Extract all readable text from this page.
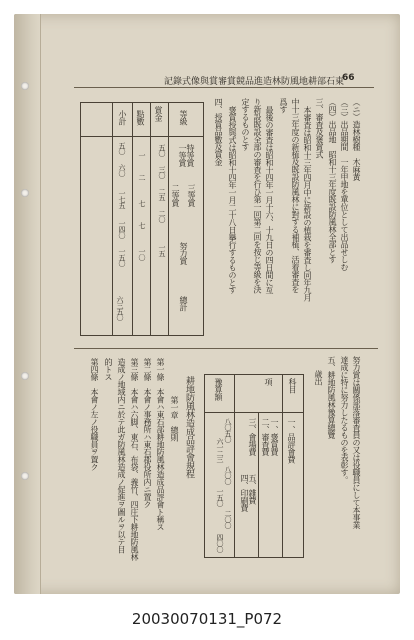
記錄式像與賞審賞競品進造林防風地耕部石東
66
（ニ）造林樹種　木麻黃
（三）出品期間　一年甲地を單位として出品せしむ
（四）出品地　昭和十三年度既設防風林全部とす
三、審査及褒賞式
本審査は昭和十三年四月中に新設の植栽を審査し同年九月
中十三年度の新植及既設防風林に對する補植、活着審査を
爲す
最後の審査は昭和十四年一月十六、十九日の四日間に亙
り新設既設全部の審査を行ひ第一回第二回を按じ等級を決
定するものとす
褒賞授與式は昭和十四年一月二十八日擧行するものとす
四、授賞品數及賞金
等級
賞金
點數
小計
特等賞
一等賞
二等賞 三等賞
努力賞
總計
五〇
三〇
二五
二〇
一五
一
二
七
七
一〇
五〇
六〇
一七五
一四〇
一五〇
六三五〇
努力賞は關係部落審査員の又は役職員にして本事業
達成に特に努力したるものを表彰す。
五、耕地防風林豫算總覽
歳出
科目
項
豫算額
一、品評會費
一、褒賞費
二、審査費
三、會場費
四、印刷費 五、雜費
八〇五〇
六一二三
八〇〇
一五〇
二〇〇
四〇〇
耕地防風林造成品評會規程
第一章　總則
第一條　本會ハ東石部耕地防風林造成品評會ト稱ス
第二條　本會ノ事務所ハ東石郡役所内ニ置ク
第三條　本會ハ六脚、東石、布袋、義竹、四庄下耕地防風林
造成ノ地域内ニ於テ此ガ防風林造成ノ促進ヲ圖ルヲ以テ目
的トス
第四條　本會ノ左ノ役職員ヲ置ク
20030070131_P072
